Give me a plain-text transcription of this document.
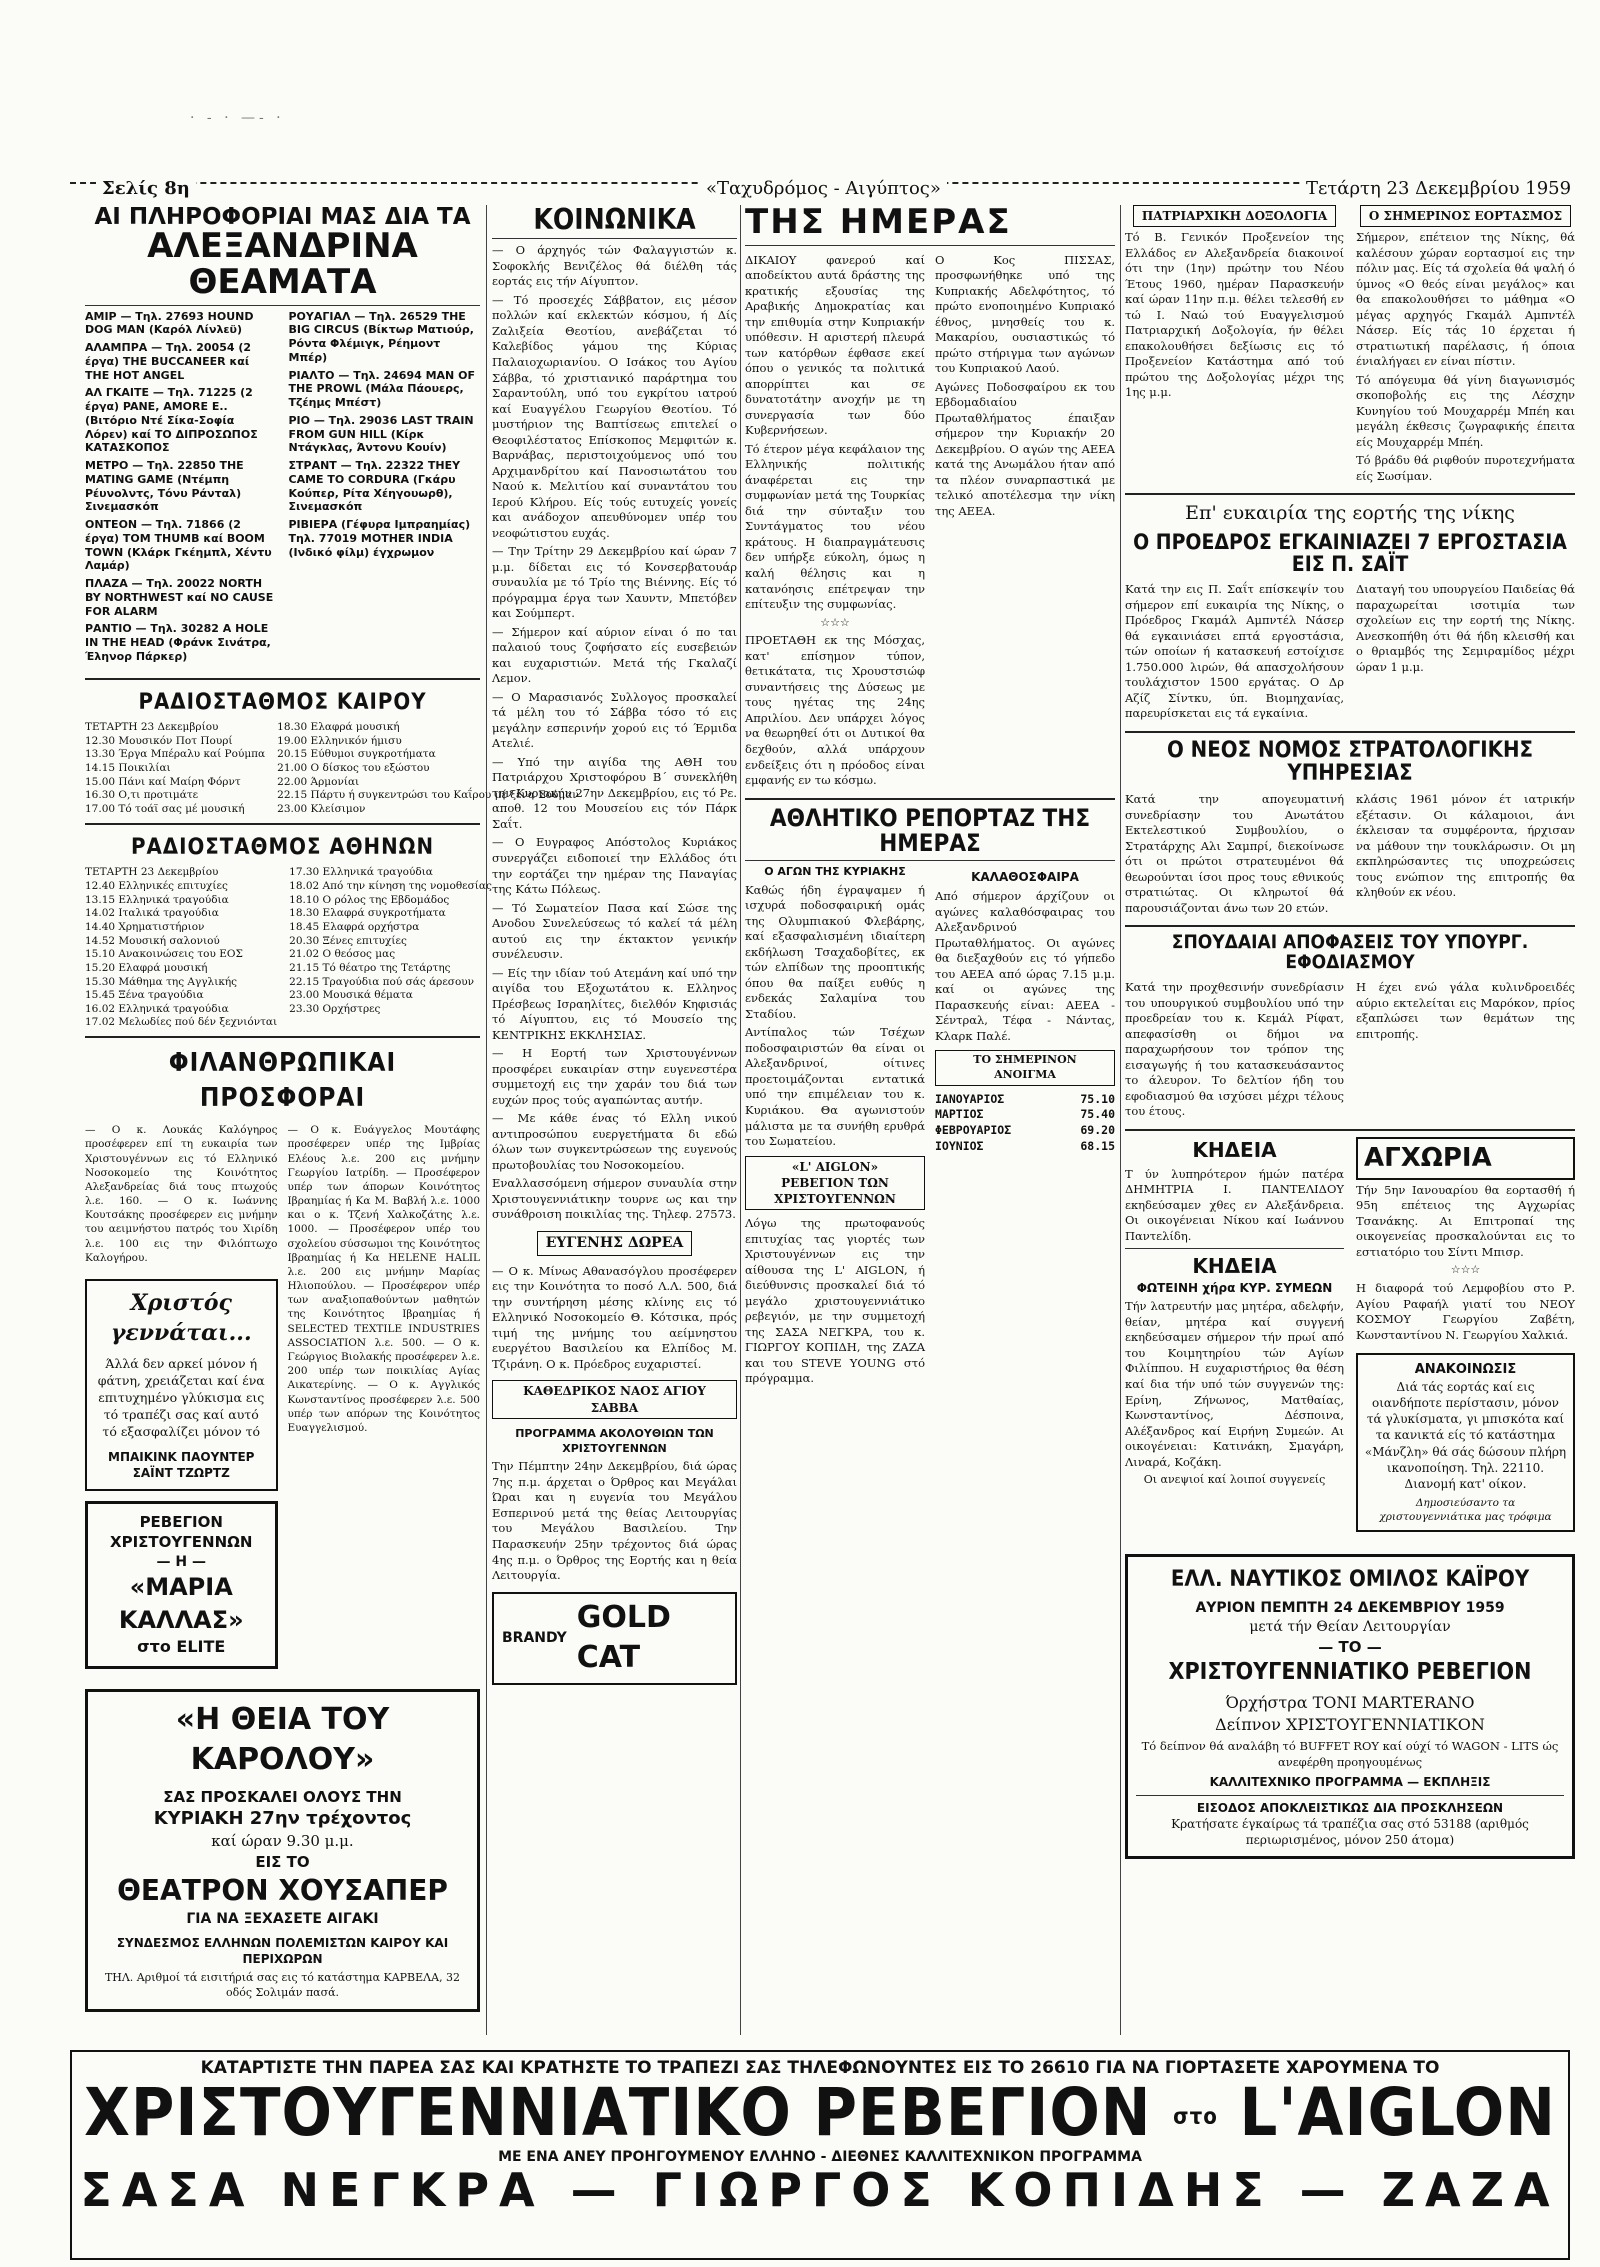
· ‑ · —‑ ·
Σελίς 8η	«Ταχυδρόμος - Αιγύπτος»	Τετάρτη 23 Δεκεμβρίου 1959
ΑΙ ΠΛΗΡΟΦΟΡΙΑΙ ΜΑΣ ΔΙΑ ΤΑ
ΑΛΕΞΑΝΔΡΙΝΑ ΘΕΑΜΑΤΑ
ΑΜΙΡ — Τηλ. 27693 HOUND DOG MAN (Καρόλ Λίνλεϋ)
ΑΛΑΜΠΡΑ — Τηλ. 20054 (2 έργα) THE BUCCANEER καί THE HOT ANGEL
ΑΛ ΓΚΑΙΤΕ — Τηλ. 71225 (2 έργα) PANE, AMORE E.. (Βιτόριο Ντέ Σίκα-Σοφία Λόρεν) καί ΤΟ ΔΙΠΡΟΣΩΠΟΣ ΚΑΤΑΣΚΟΠΟΣ
ΜΕΤΡΟ — Τηλ. 22850 THE MATING GAME (Ντέμπη Ρέυνολντς, Τόνυ Ράνταλ) Σινεμασκόπ
ΟΝΤΕΟΝ — Τηλ. 71866 (2 έργα) TOM THUMB καί BOOM TOWN (Κλάρκ Γκέημπλ, Χέντυ Λαμάρ)
ΠΛΑΖΑ — Τηλ. 20022 NORTH BY NORTHWEST καί NO CAUSE FOR ALARM
ΡΑΝΤΙΟ — Τηλ. 30282 A HOLE IN THE HEAD (Φράνκ Σινάτρα, Έληνορ Πάρκερ)
ΡΟΥΑΓΙΑΛ — Τηλ. 26529 THE BIG CIRCUS (Βίκτωρ Ματιούρ, Ρόντα Φλέμιγκ, Ρέημοντ Μπέρ)
ΡΙΑΛΤΟ — Τηλ. 24694 MAN OF THE PROWL (Μάλα Πάουερς, Τζέημς Μπέστ)
ΡΙΟ — Τηλ. 29036 LAST TRAIN FROM GUN HILL (Κίρκ Ντάγκλας, Άντονυ Κουίν)
ΣΤΡΑΝΤ — Τηλ. 22322 THEY CAME TO CORDURA (Γκάρυ Κούπερ, Ρίτα Χέηγουωρθ), Σινεμασκόπ
ΡΙΒΙΕΡΑ (Γέφυρα Ιμπραημίας) Τηλ. 77019 MOTHER INDIA (Ινδικό φίλμ) έγχρωμον
ΡΑΔΙΟΣΤΑΘΜΟΣ ΚΑΙΡΟΥ
ΤΕΤΑΡΤΗ 23 Δεκεμβρίου
12.30 Μουσικόν Ποτ Πουρί
13.30 Έργα Μπέραλυ καί Ρούμπα
14.15 Ποικιλίαι
15.00 Πάνι καί Μαίρη Φόρντ
16.30 Ο,τι προτιμάτε
17.00 Τό τοάϊ σας μέ μουσική
18.30 Ελαφρά μουσική
19.00 Ελληνικόν ήμισυ
20.15 Εύθυμοι συγκροτήματα
21.00 Ο δίσκος του εξώστου
22.00 Άρμονίαι
22.15 Πάρτυ ή συγκεντρώσι του Καΐρου μέ ξένα Σούμαν
23.00 Κλείσιμον
ΡΑΔΙΟΣΤΑΘΜΟΣ ΑΘΗΝΩΝ
ΤΕΤΑΡΤΗ 23 Δεκεμβρίου
12.40 Ελληνικές επιτυχίες
13.15 Ελληνικά τραγούδια
14.02 Ιταλικά τραγούδια
14.40 Χρηματιστήριον
14.52 Μουσική σαλονιού
15.10 Ανακοινώσεις του ΕΟΣ
15.20 Ελαφρά μουσική
15.30 Μάθημα της Αγγλικής
15.45 Ξένα τραγούδια
16.02 Ελληνικά τραγούδια
17.02 Μελωδίες πού δέν ξεχνιόνται
17.30 Ελληνικά τραγούδια
18.02 Από την κίνηση της νομοθεσίας
18.10 Ο ρόλος της Εβδομάδος
18.30 Ελαφρά συγκροτήματα
18.45 Ελαφρά ορχήστρα
20.30 Ξένες επιτυχίες
21.02 Ο θεόσος μας
21.15 Τό θέατρο της Τετάρτης
22.15 Τραγούδια πού σάς άρεσουν
23.00 Μουσικά θέματα
23.30 Ορχήστρες
ΦΙΛΑΝΘΡΩΠΙΚΑΙ ΠΡΟΣΦΟΡΑΙ
— Ο κ. Λουκάς Καλόγηρος προσέφερεν επί τη ευκαιρία των Χριστουγέννων εις τό Ελληνικό Νοσοκομείο της Κοινότητος Αλεξανδρείας διά τους πτωχούς λ.ε. 160. — Ο κ. Ιωάννης Κουτσάκης προσέφερεν εις μνήμην του αειμνήστου πατρός του Χιρίδη λ.ε. 100 εις την Φιλόπτωχο Καλογήρου.
Χριστός γεννάται...
Άλλά δεν αρκεί μόνον ή φάτνη, χρειάζεται καί ένα επιτυχημένο γλύκισμα εις τό τραπέζι σας καί αυτό τό εξασφαλίζει μόνον τό
ΜΠΑΙΚΙΝΚ ΠΑΟΥΝΤΕΡ ΣΑΪΝΤ ΤΖΩΡΤΖ
ΡΕΒΕΓΙΟΝ
ΧΡΙΣΤΟΥΓΕΝΝΩΝ
— Η —
«ΜΑΡΙΑ ΚΑΛΛΑΣ»
στο ELITE
— Ο κ. Ευάγγελος Μουτάφης προσέφερεν υπέρ της Ιμβρίας Ελέους λ.ε. 200 εις μνήμην Γεωργίου Ιατρίδη. — Προσέφερον υπέρ των άπορων Κοινότητος Ιβραημίας ή Κα Μ. Βαβλή λ.ε. 1000 και ο κ. Τζενή Χαλκοζάτης λ.ε. 1000. — Προσέφερον υπέρ του σχολείου σύσσωμοι της Κοινότητος Ιβραημίας ή Κα HELENE HALIL λ.ε. 200 εις μνήμην Μαρίας Ηλιοπούλου. — Προσέφερον υπέρ των αναξιοπαθούντων μαθητών της Κοινότητος Ιβραημίας ή SELECTED TEXTILE INDUSTRIES ASSOCIATION λ.ε. 500. — Ο κ. Γεώργιος Βιολακής προσέφερεν λ.ε. 200 υπέρ των ποικιλίας Αγίας Αικατερίνης. — Ο κ. Αγγλικός Κωνσταντίνος προσέφερεν λ.ε. 500 υπέρ των απόρων της Κοινότητος Ευαγγελισμού.
«Η ΘΕΙΑ ΤΟΥ ΚΑΡΟΛΟΥ»
ΣΑΣ ΠΡΟΣΚΑΛΕΙ ΟΛΟΥΣ ΤΗΝ
ΚΥΡΙΑΚΗ 27ην τρέχοντος
καί ώραν 9.30 μ.μ.
ΕΙΣ ΤΟ
ΘΕΑΤΡΟΝ ΧΟΥΣΑΠΕΡ
ΓΙΑ ΝΑ ΞΕΧΑΣΕΤΕ ΑΙΓΑΚΙ
ΣΥΝΔΕΣΜΟΣ ΕΛΛΗΝΩΝ ΠΟΛΕΜΙΣΤΩΝ ΚΑΙΡΟΥ ΚΑΙ ΠΕΡΙΧΩΡΩΝ
ΤΗΛ. Αριθμοί τά εισιτήριά σας εις τό κατάστημα ΚΑΡΒΕΛΑ, 32 οδός Σολιμάν πασά.
ΚΟΙΝΩΝΙΚΑ
— Ο άρχηγός τών Φαλαγγιστών κ. Σοφοκλής Βενιζέλος θά διέλθη τάς εορτάς εις τήν Αίγυπτον.
— Τό προσεχές Σάββατον, εις μέσον πολλών καί εκλεκτών κόσμου, ή Δίς Ζαλιξεία Θεοτίου, ανεβάζεται τό Καλεβίδος γάμου της Κύριας Παλαιοχωριανίου. Ο Ισάκος του Αγίου Σάββα, τό χριστιανικό παράρτημα του Σαραντούλη, υπό του εγκρίτου ιατρού καί Ευαγγέλου Γεωργίου Θεοτίου. Τό μυστήριον της Βαπτίσεως επιτελεί ο Θεοφιλέστατος Επίσκοπος Μεμφιτών κ. Βαρνάβας, περιστοιχούμενος υπό του Αρχιμανδρίτου καί Πανοσιωτάτου του Ναού κ. Μελιτίου καί συναντάτου του Ιερού Κλήρου. Είς τούς ευτυχείς γονείς και ανάδοχον απευθύνομεν υπέρ του νεοφώτιστου ευχάς.
— Την Τρίτην 29 Δεκεμβρίου καί ώραν 7 μ.μ. δίδεται εις τό Κονσερβατουάρ συναυλία με τό Τρίο της Βιέννης. Είς τό πρόγραμμα έργα των Χαυντν, Μπετόβεν και Σούμπερτ.
— Σήμερον καί αύριον είναι ό πο ται παλαιού τους ζοφήσατο είς ευσεβειών και ευχαριστιών. Μετά τής Γκαλαζί Λεμον.
— Ο Μαρασιανός Συλλογος προσκαλεί τά μέλη του τό Σάββα τόσο τό εις μεγάλην εσπερινήν χορού εις τό Έρμιδα Ατελιέ.
— Υπό την αιγίδα της ΑΘΗ του Πατριάρχου Χριστοφόρου Β΄ συνεκλήθη την Κυριακήν 27ην Δεκεμβρίου, εις τό Ρε. αποθ. 12 του Μουσείου εις τόν Πάρκ Σαΐτ.
— Ο Ευγραφος Απόστολος Κυριάκος συνεργάζει ειδοποιεί την Ελλάδος ότι την εορτάζει την ημέραν της Παναγίας της Κάτω Πόλεως.
— Τό Σωματείον Πασα καί Σώσε της Ανοδου Συνελεύσεως τό καλεί τά μέλη αυτού εις την έκτακτον γενικήν συνέλευσιν.
— Είς την ιδίαν τού Ατεμάνη καί υπό την αιγίδα του Εξοχωτάτου κ. Ελληνος Πρέσβεως Ισραηλίτες, διελθόν Κηφισιάς τό Αίγυπτου, εις τό Μουσείο της ΚΕΝΤΡΙΚΗΣ ΕΚΚΛΗΣΙΑΣ.
— Η Εορτή των Χριστουγέννων προσφέρει ευκαιρίαν στην ευγενεστέρα συμμετοχή εις την χαράν του διά των ευχών προς τούς αγαπώντας αυτήν.
— Με κάθε ένας τό Ελλη νικού αντιπροσώπου ευεργετήματα δι εδώ όλων των συγκεντρώσεων της ευγενούς πρωτοβουλίας του Νοσοκομείου.
Εναλλασσόμενη σήμερον συναυλία στην Χριστουγεννιάτικην τουρνε ως και την συνάθροιση ποικιλίας της. Τηλεφ. 27573.
ΕΥΓΕΝΗΣ ΔΩΡΕΑ
— Ο κ. Μίνως Αθανασόγλου προσέφερεν εις την Κοινότητα το ποσό Λ.Λ. 500, διά την συντήρηση μέσης κλίνης εις τό Ελληνικό Νοσοκομείο Θ. Κότσικα, πρός τιμή της μνήμης του αείμνηστου ευεργέτου Βασιλείου κα Ελπίδος Μ. Τζιράνη. Ο κ. Πρόεδρος ευχαριστεί.
ΚΑΘΕΔΡΙΚΟΣ ΝΑΟΣ ΑΓΙΟΥ ΣΑΒΒΑ
ΠΡΟΓΡΑΜΜΑ ΑΚΟΛΟΥΘΙΩΝ ΤΩΝ ΧΡΙΣΤΟΥΓΕΝΝΩΝ
Την Πέμπτην 24ην Δεκεμβρίου, διά ώρας 7ης π.μ. άρχεται ο Όρθρος και Μεγάλαι Ώραι και η ευγενία του Μεγάλου Εσπερινού μετά της θείας Λειτουργίας του Μεγάλου Βασιλείου. Την Παρασκευήν 25ην τρέχοντος διά ώρας 4ης π.μ. ο Όρθρος της Εορτής και η θεία Λειτουργία.
BRANDY
GOLD CAT
ΤΗΣ ΗΜΕΡΑΣ
ΔΙΚΑΙΟΥ φανερού καί αποδείκτου αυτά δράστης της κρατικής εξουσίας της Αραβικής Δημοκρατίας και την επιθυμία στην Κυπριακήν υπόθεσιν. Η αριστερή πλευρά των κατόρθων έφθασε εκεί όπου ο γενικός τα πολιτικά απορρίπτει και σε δυνατοτάτην ανοχήν με τη συνεργασία των δύο Κυβερνήσεων.
Τό έτερον μέγα κεφάλαιον της Ελληνικής πολιτικής άναφέρεται εις την συμφωνίαν μετά της Τουρκίας διά την σύνταξιν του Συντάγματος του νέου κράτους. Η διαπραγμάτευσις δεν υπήρξε εύκολη, όμως η καλή θέλησις και η κατανόησις επέτρεψαν την επίτευξιν της συμφωνίας.
☆☆☆
ΠΡΟΕΤΑΘΗ εκ της Μόσχας, κατ' επίσημον τύπον, θετικάτατα, τις Χρουστσιώφ συναντήσεις της Δύσεως με τους ηγέτας της 24ης Απριλίου. Δεν υπάρχει λόγος να θεωρηθεί ότι οι Δυτικοί θα δεχθούν, αλλά υπάρχουν ενδείξεις ότι η πρόοδος είναι εμφανής εν τω κόσμω.
Ο Κος ΠΙΣΣΑΣ, προσφωνήθηκε υπό της Κυπριακής Αδελφότητος, τό πρώτο ενοποιημένο Κυπριακό έθνος, μνησθείς του κ. Μακαρίου, ουσιαστικώς τό πρώτο στήριγμα των αγώνων του Κυπριακού Λαού.
Αγώνες Ποδοσφαίρου εκ του Εβδομαδιαίου Πρωταθλήματος έπαιξαν σήμερον την Κυριακήν 20 Δεκεμβρίου. Ο αγών της ΑΕΕΑ κατά της Ανωμάλου ήταν από τα πλέον συναρπαστικά με τελικό αποτέλεσμα την νίκη της ΑΕΕΑ.
ΑΘΛΗΤΙΚΟ ΡΕΠΟΡΤΑΖ ΤΗΣ ΗΜΕΡΑΣ
Ο ΑΓΩΝ ΤΗΣ ΚΥΡΙΑΚΗΣ
Καθώς ήδη έγραψαμεν ή ισχυρά ποδοσφαιρική ομάς της Ολυμπιακού Φλεβάρης, καί εξασφαλισμένη ιδιαίτερη εκδήλωση Τσαχαδοβίτες, εκ τών ελπίδων της προοπτικής όπου θα παίξει ευθύς η ενδεκάς Σαλαμίνα του Σταδίου.
Αντίπαλος τών Τσέχων ποδοσφαιριστών θα είναι οι Αλεξανδρινοί, οίτινες προετοιμάζονται εντατικά υπό την επιμέλειαν του κ. Κυριάκου. Θα αγωνιστούν μάλιστα με τα συνήθη ερυθρά του Σωματείου.
«L' AIGLON» ΡΕΒΕΓΙΟΝ ΤΩΝ ΧΡΙΣΤΟΥΓΕΝΝΩΝ
Λόγω της πρωτοφανούς επιτυχίας τας γιορτές των Χριστουγέννων εις την αίθουσα της L' AIGLON, ή διεύθυνσις προσκαλεί διά τό μεγάλο χριστουγεννιάτικο ρεβεγιόν, με την συμμετοχή της ΣΑΣΑ ΝΕΓΚΡΑ, του κ. ΓΙΩΡΓΟΥ ΚΟΠΙΔΗ, της ΖΑΖΑ και του STEVE YOUNG στό πρόγραμμα.
ΚΑΛΑΘΟΣΦΑΙΡΑ
Από σήμερον άρχίζουν οι αγώνες καλαθόσφαιρας του Αλεξανδρινού Πρωταθλήματος. Οι αγώνες θα διεξαχθούν εις τό γήπεδο του ΑΕΕΑ από ώρας 7.15 μ.μ. καί οι αγώνες της Παρασκευής είναι: ΑΕΕΑ - Σέντραλ, Τέφα - Νάντας, Κλαρκ Παλέ.
ΤΟ ΣΗΜΕΡΙΝΟΝ ΑΝΟΙΓΜΑ
ΙΑΝΟΥΑΡΙΟΣ	75.10
ΜΑΡΤΙΟΣ	75.40
ΦΕΒΡΟΥΑΡΙΟΣ	69.20
ΙΟΥΝΙΟΣ	68.15
ΠΑΤΡΙΑΡΧΙΚΗ ΔΟΞΟΛΟΓΙΑ
Τό Β. Γενικόν Προξενείον της Ελλάδος εν Αλεξανδρεία διακοινοί ότι την (1ην) πρώτην του Νέου Έτους 1960, ημέραν Παρασκευήν καί ώραν 11ην π.μ. θέλει τελεσθή εν τώ Ι. Ναώ τού Ευαγγελισμού Πατριαρχική Δοξολογία, ήν θέλει επακολουθήσει δεξίωσις εις τό Προξενείον Κατάστημα από τού πρώτου της Δοξολογίας μέχρι της 1ης μ.μ.
Ο ΣΗΜΕΡΙΝΟΣ ΕΟΡΤΑΣΜΟΣ
Σήμερον, επέτειον της Νίκης, θά καλέσουν χώραν εορτασμοί εις την πόλιν μας. Είς τά σχολεία θά ψαλή ό ύμνος «Ο θεός είναι μεγάλος» και θα επακολουθήσει το μάθημα «Ο μέγας αρχηγός Γκαμάλ Αμπντέλ Νάσερ. Είς τάς 10 έρχεται ή στρατιωτική παρέλασις, ή όποια ένιαλήγαει εν είναι πίστιν.
Τό απόγευμα θά γίνη διαγωνισμός σκοποβολής εις της Λέσχην Κυνηγίου τού Μουχαρρέμ Μπέη και μεγάλη έκθεσις ζωγραφικής έπειτα είς Μουχαρρέμ Μπέη.
Τό βράδυ θά ριφθούν πυροτεχνήματα είς Σωσίμαν.
Επ' ευκαιρία της εορτής της νίκης
Ο ΠΡΟΕΔΡΟΣ ΕΓΚΑΙΝΙΑΖΕΙ 7 ΕΡΓΟΣΤΑΣΙΑ ΕΙΣ Π. ΣΑΪΤ
Κατά την εις Π. Σαΐτ επίσκεψίν του σήμερον επί ευκαιρία της Νίκης, ο Πρόεδρος Γκαμάλ Αμπντέλ Νάσερ θά εγκαινιάσει επτά εργοστάσια, τών οποίων ή κατασκευή εστοίχισε 1.750.000 λιρών, θά απασχολήσουν τουλάχιστον 1500 εργάτας. Ο Δρ Αζίζ Σίντκυ, ύπ. Βιομηχανίας, παρευρίσκεται εις τά εγκαίνια.
Διαταγή του υπουργείου Παιδείας θά παραχωρείται ισοτιμία των σχολείων εις την εορτή της Νίκης. Ανεσκοπήθη ότι θά ήδη κλεισθή και ο θριαμβός της Σεμιραμίδος μέχρι ώραν 1 μ.μ.
Ο ΝΕΟΣ ΝΟΜΟΣ ΣΤΡΑΤΟΛΟΓΙΚΗΣ ΥΠΗΡΕΣΙΑΣ
Κατά την απογευματινή συνεδρίασην του Ανωτάτου Εκτελεστικού Συμβουλίου, ο Στρατάρχης Αλι Σαμπρί, διεκοίνωσε ότι οι πρώτοι στρατευμένοι θά θεωρούνται ίσοι προς τους εθνικούς στρατιώτας. Οι κληρωτοί θά παρουσιάζονται άνω των 20 ετών.
κλάσις 1961 μόνον έτ ιατρικήν εξέτασιν. Οι κάλαμοιοι, άνι έκλεισαν τα συμφέροντα, ήρχισαν να μάθουν την τουκλάρωσιν. Οι μη εκπληρώσαντες τις υποχρεώσεις τους ενώπιον της επιτροπής θα κληθούν εκ νέου.
ΣΠΟΥΔΑΙΑΙ ΑΠΟΦΑΣΕΙΣ ΤΟΥ ΥΠΟΥΡΓ. ΕΦΟΔΙΑΣΜΟΥ
Κατά την προχθεσινήν συνεδρίασιν του υπουργικού συμβουλίου υπό την προεδρείαν του κ. Κεμάλ Ρίφατ, απεφασίσθη οι δήμοι να παραχωρήσουν τον τρόπον της εισαγωγής ή του κατασκευάσαντος το άλευρον. Το δελτίον ήδη του εφοδιασμού θα ισχύσει μέχρι τέλους του έτους.
Η έχει ενώ γάλα κυλινδροειδές αύριο εκτελείται εις Μαρόκον, πρίος εξαπλώσει των θεμάτων της επιτροπής.
ΚΗΔΕΙΑ
Τ ύν λυπηρότερον ήμών πατέρα ΔΗΜΗΤΡΙΑ Ι. ΠΑΝΤΕΛΙΔΟΥ εκηδεύσαμεν χθες εν Αλεξάνδρεια. Οι οικογένειαι Νίκου καί Ιωάννου Παντελίδη.
ΚΗΔΕΙΑ
ΦΩΤΕΙΝΗ χήρα ΚΥΡ. ΣΥΜΕΩΝ
Τήν λατρευτήν μας μητέρα, αδελφήν, θείαν, μητέρα καί συγγενή εκηδεύσαμεν σήμερον τήν πρωί από του Κοιμητηρίου τών Αγίων Φιλίππου. Η ευχαριστήριος θα θέση καί δια τήν υπό τών συγγενών της: Ερίνη, Ζήνωνος, Ματθαίας, Κωνσταντίνος, Δέσποινα, Αλέξανδρος καί Ειρήνη Συμεών. Αι οικογένειαι: Κατινάκη, Σμαγάρη, Λιναρά, Κοζάκη.
Οι ανεψιοί καί λοιποί συγγενείς
ΑΓΧΩΡΙΑ
Τήν 5ην Ιανουαρίου θα εορτασθή ή 95η επέτειος της Αγχωρίας Τσανάκης. Αι Επιτροπαί της οικογενείας προσκαλούνται εις το εστιατόριο του Σίντι Μπισρ.
☆☆☆
Η διαφορά τού Λεμφοβίου στο Ρ. Αγίου Ραφαήλ γιατί του ΝΕΟΥ ΚΟΣΜΟΥ Γεωργίου Ζαβέτη, Κωνσταντίνου Ν. Γεωργίου Χαλκιά.
ΑΝΑΚΟΙΝΩΣΙΣ
Διά τάς εορτάς καί εις οιανδήποτε περίστασιν, μόνον τά γλυκίσματα, γι μπισκότα καί τα κανικτά είς τό κατάστημα «Μάνζλη» θά σάς δώσουν πλήρη ικανοποίηση. Τηλ. 22110. Διανομή κατ' οίκον.
Δημοσιεύσαντο τα χριστουγεννιάτικα μας τρόφιμα
ΕΛΛ. ΝΑΥΤΙΚΟΣ ΟΜΙΛΟΣ ΚΑΪΡΟΥ
ΑΥΡΙΟΝ ΠΕΜΠΤΗ 24 ΔΕΚΕΜΒΡΙΟΥ 1959
μετά τήν Θείαν Λειτουργίαν
— ΤΟ —
ΧΡΙΣΤΟΥΓΕΝΝΙΑΤΙΚΟ ΡΕΒΕΓΙΟΝ
Όρχήστρα TONI MARTERANO
Δείπνον ΧΡΙΣΤΟΥΓΕΝΝΙΑΤΙΚΟΝ
Τό δείπνον θά αναλάβη τό BUFFET ROY καί ούχί τό WAGON - LITS ώς ανεφέρθη προηγουμένως
ΚΑΛΛΙΤΕΧΝΙΚΟ ΠΡΟΓΡΑΜΜΑ — ΕΚΠΛΗΞΙΣ
ΕΙΣΟΔΟΣ ΑΠΟΚΛΕΙΣΤΙΚΩΣ ΔΙΑ ΠΡΟΣΚΛΗΣΕΩΝ
Κρατήσατε έγκαίρως τά τραπέζια σας στό 53188 (αριθμός περιωρισμένος, μόνον 250 άτομα)
ΚΑΤΑΡΤΙΣΤΕ ΤΗΝ ΠΑΡΕΑ ΣΑΣ ΚΑΙ ΚΡΑΤΗΣΤΕ ΤΟ ΤΡΑΠΕΖΙ ΣΑΣ ΤΗΛΕΦΩΝΟΥΝΤΕΣ ΕΙΣ ΤΟ 26610 ΓΙΑ ΝΑ ΓΙΟΡΤΑΣΕΤΕ ΧΑΡΟΥΜΕΝΑ ΤΟ
ΧΡΙΣΤΟΥΓΕΝΝΙΑΤΙΚΟ ΡΕΒΕΓΙΟΝ στο L'AIGLON
ΜΕ ΕΝΑ ΑΝΕΥ ΠΡΟΗΓΟΥΜΕΝΟΥ ΕΛΛΗΝΟ - ΔΙΕΘΝΕΣ ΚΑΛΛΙΤΕΧΝΙΚΟΝ ΠΡΟΓΡΑΜΜΑ
ΣΑΣΑ ΝΕΓΚΡΑ — ΓΙΩΡΓΟΣ ΚΟΠΙΔΗΣ — ΖΑΖΑ
